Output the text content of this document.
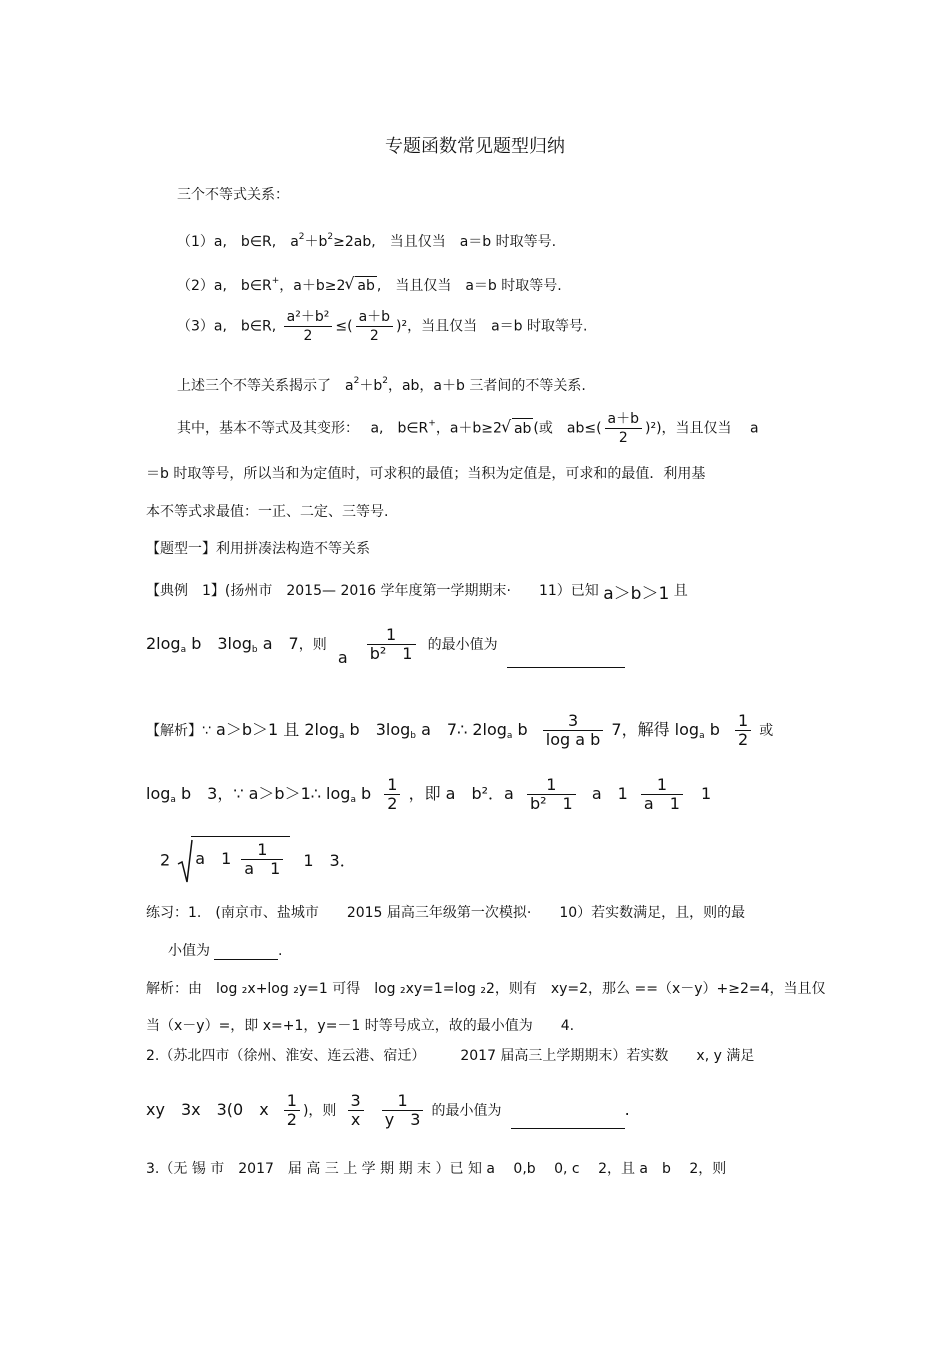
专题函数常见题型归纳
三个不等式关系：
（1）a,　b∈R,　$a^2+b^2\ge 2ab$,　当且仅当　a＝b 时取等号.
（2）a,　b∈R+，a＋b≥2 √ ab ,　当且仅当　a＝b 时取等号.
（3）a,　b∈R, $\frac{\text{a²＋b²}}{2}$ ≤( $\frac{a+b}{2} )^2$，当且仅当　a＝b 时取等号.
上述三个不等关系揭示了　$a^2+b^2$，ab，a＋b 三者间的不等关系.
其中，基本不等式及其变形：　 a,　b∈R+，a＋b≥2 √ ab (或　$ab\le( \frac{a+b}{2} )^2$)，当且仅当　 a
＝b 时取等号，所以当和为定值时，可求积的最值；当积为定值是，可求和的最值．利用基
本不等式求最值：一正、二定、三等号.
【题型一】利用拼凑法构造不等关系
【典例　1】(扬州市　2015— 2016 学年度第一学期期末·　　11）已知 a＞b＞1 且
$2\log_a$ b　$3\log_b$ a　7，则 a $\frac{1}{\text{b²　1}}$ 的最小值为
【解析】∵ a＞b＞1 且 $2\log_a$ b　$3\log_b$ a　7∴ $2\log_a$ b $\frac{3}{\text{log a b}} 7$，解得 $\log_a b \frac{1}{2}$ 或
$\log_a b$　3，∵ a＞b＞1∴ $\log_a b \frac{1}{2}$ ，即 a　b²．a $\frac{1}{\text{b²　1}}$ a　$1 \frac{1}{a 1} 1$
2 a　$1 \frac{1}{a 1} 1$　3．
练习：1.　(南京市、盐城市　　2015 届高三年级第一次模拟·　　10）若实数满足，且，则的最
小值为	.
解析：由　log ₂x+log ₂y=1 可得　log ₂xy=1=log ₂2，则有　xy=2，那么 ==（x－y）+≥2=4，当且仅
当（x－y）=，即 x=+1，y=－1 时等号成立，故的最小值为　　4.
2.（苏北四市（徐州、淮安、连云港、宿迁）　　　2017 届高三上学期期末）若实数　　x, y 满足
xy　3x　3(0　x $\frac{1}{2}$ )，则 $\frac{3}{x}$
$\frac{1}{y 3}$ 的最小值为	.
3.（无 锡 市　2017　届 高 三 上 学 期 期 末 ）已 知 a　 0,b　 0, c　 2，且 a　b　 2，则
